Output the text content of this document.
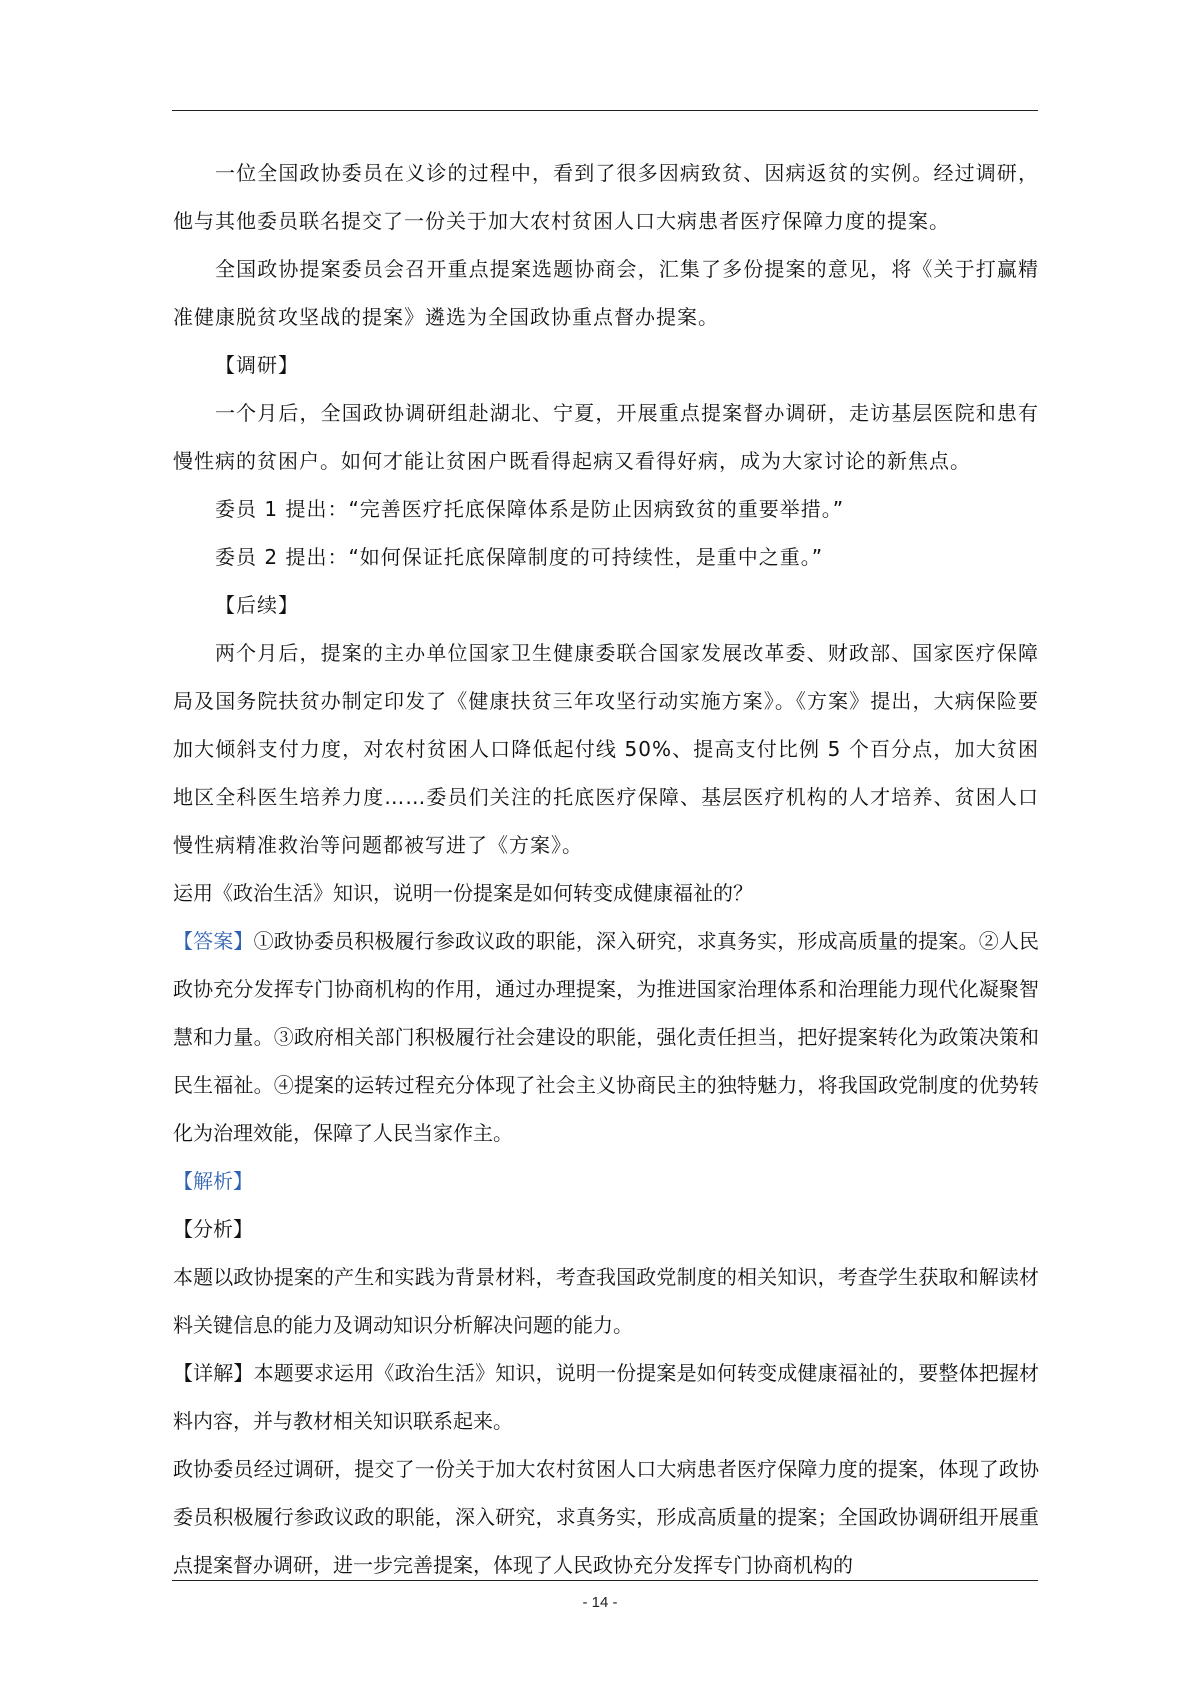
一位全国政协委员在义诊的过程中，看到了很多因病致贫、因病返贫的实例。经过调研，他与其他委员联名提交了一份关于加大农村贫困人口大病患者医疗保障力度的提案。

全国政协提案委员会召开重点提案选题协商会，汇集了多份提案的意见，将《关于打赢精准健康脱贫攻坚战的提案》遴选为全国政协重点督办提案。

【调研】

一个月后，全国政协调研组赴湖北、宁夏，开展重点提案督办调研，走访基层医院和患有慢性病的贫困户。如何才能让贫困户既看得起病又看得好病，成为大家讨论的新焦点。

委员 1 提出：“完善医疗托底保障体系是防止因病致贫的重要举措。”

委员 2 提出：“如何保证托底保障制度的可持续性，是重中之重。”

【后续】

两个月后，提案的主办单位国家卫生健康委联合国家发展改革委、财政部、国家医疗保障局及国务院扶贫办制定印发了《健康扶贫三年攻坚行动实施方案》。《方案》提出，大病保险要加大倾斜支付力度，对农村贫困人口降低起付线 50%、提高支付比例 5 个百分点，加大贫困地区全科医生培养力度……委员们关注的托底医疗保障、基层医疗机构的人才培养、贫困人口慢性病精准救治等问题都被写进了《方案》。

运用《政治生活》知识，说明一份提案是如何转变成健康福祉的？

【答案】①政协委员积极履行参政议政的职能，深入研究，求真务实，形成高质量的提案。②人民政协充分发挥专门协商机构的作用，通过办理提案，为推进国家治理体系和治理能力现代化凝聚智慧和力量。③政府相关部门积极履行社会建设的职能，强化责任担当，把好提案转化为政策决策和民生福祉。④提案的运转过程充分体现了社会主义协商民主的独特魅力，将我国政党制度的优势转化为治理效能，保障了人民当家作主。

【解析】

【分析】

本题以政协提案的产生和实践为背景材料，考查我国政党制度的相关知识，考查学生获取和解读材料关键信息的能力及调动知识分析解决问题的能力。

【详解】本题要求运用《政治生活》知识，说明一份提案是如何转变成健康福祉的，要整体把握材料内容，并与教材相关知识联系起来。

政协委员经过调研，提交了一份关于加大农村贫困人口大病患者医疗保障力度的提案，体现了政协委员积极履行参政议政的职能，深入研究，求真务实，形成高质量的提案；全国政协调研组开展重点提案督办调研，进一步完善提案，体现了人民政协充分发挥专门协商机构的

- 14 -
